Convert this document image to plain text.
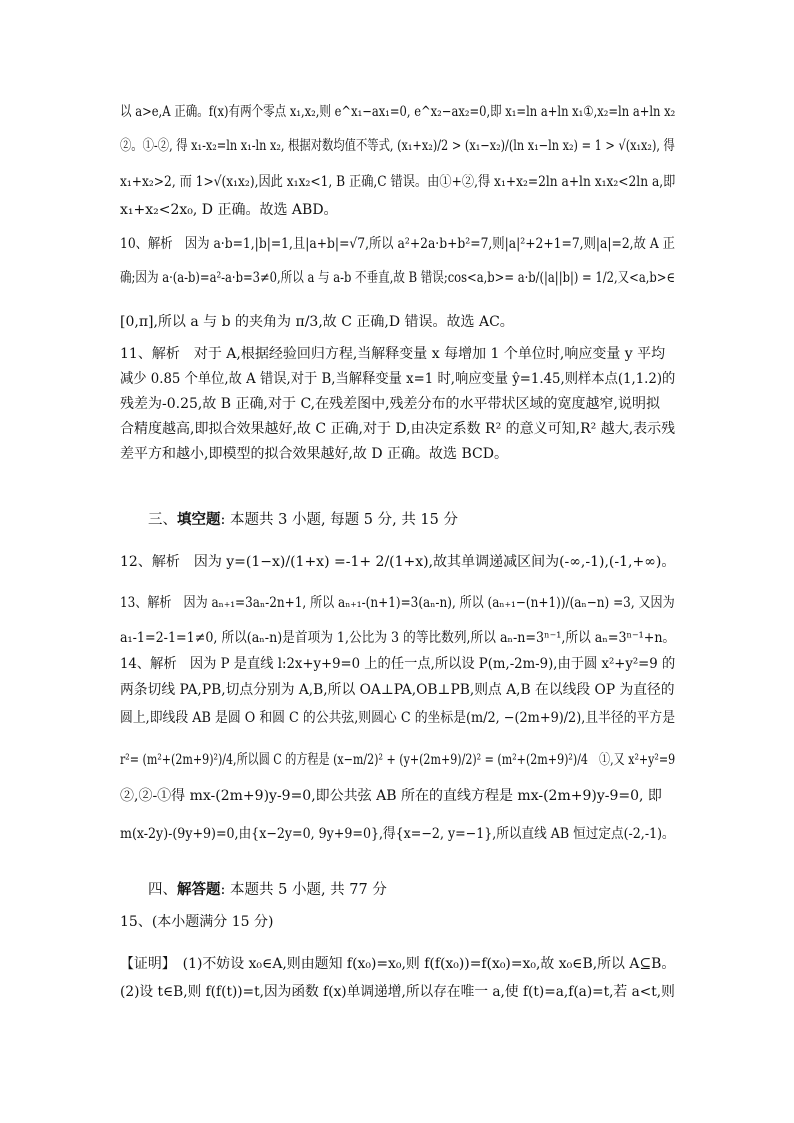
以 a>e,A 正确。f(x)有两个零点 x₁,x₂,则 e^x₁−ax₁=0, e^x₂−ax₂=0,即 x₁=ln a+ln x₁①,x₂=ln a+ln x₂
②。①-②, 得 x₁-x₂=ln x₁-ln x₂, 根据对数均值不等式, (x₁+x₂)/2 > (x₁−x₂)/(ln x₁−ln x₂) = 1 > √(x₁x₂), 得
x₁+x₂>2, 而 1>√(x₁x₂),因此 x₁x₂<1, B 正确,C 错误。由①+②,得 x₁+x₂=2ln a+ln x₁x₂<2ln a,即
x₁+x₂<2x₀, D 正确。故选 ABD。
10、解析　因为 a·b=1,|b|=1,且|a+b|=√7,所以 a²+2a·b+b²=7,则|a|²+2+1=7,则|a|=2,故 A 正
确;因为 a·(a-b)=a²-a·b=3≠0,所以 a 与 a-b 不垂直,故 B 错误;cos<a,b>= a·b/(|a||b|) = 1/2,又<a,b>∈
[0,π],所以 a 与 b 的夹角为 π/3,故 C 正确,D 错误。故选 AC。
11、解析　对于 A,根据经验回归方程,当解释变量 x 每增加 1 个单位时,响应变量 y 平均
减少 0.85 个单位,故 A 错误,对于 B,当解释变量 x=1 时,响应变量 ŷ=1.45,则样本点(1,1.2)的
残差为-0.25,故 B 正确,对于 C,在残差图中,残差分布的水平带状区域的宽度越窄,说明拟
合精度越高,即拟合效果越好,故 C 正确,对于 D,由决定系数 R² 的意义可知,R² 越大,表示残
差平方和越小,即模型的拟合效果越好,故 D 正确。故选 BCD。
三、填空题: 本题共 3 小题, 每题 5 分, 共 15 分
12、解析　因为 y=(1−x)/(1+x) =-1+ 2/(1+x),故其单调递减区间为(-∞,-1),(-1,+∞)。
13、解析　因为 aₙ₊₁=3aₙ-2n+1, 所以 aₙ₊₁-(n+1)=3(aₙ-n), 所以 (aₙ₊₁−(n+1))/(aₙ−n) =3, 又因为
a₁-1=2-1=1≠0, 所以(aₙ-n)是首项为 1,公比为 3 的等比数列,所以 aₙ-n=3ⁿ⁻¹,所以 aₙ=3ⁿ⁻¹+n。
14、解析　因为 P 是直线 l:2x+y+9=0 上的任一点,所以设 P(m,-2m-9),由于圆 x²+y²=9 的
两条切线 PA,PB,切点分别为 A,B,所以 OA⊥PA,OB⊥PB,则点 A,B 在以线段 OP 为直径的
圆上,即线段 AB 是圆 O 和圆 C 的公共弦,则圆心 C 的坐标是(m/2, −(2m+9)/2),且半径的平方是
r²= (m²+(2m+9)²)/4,所以圆 C 的方程是 (x−m/2)² + (y+(2m+9)/2)² = (m²+(2m+9)²)/4　①,又 x²+y²=9
②,②-①得 mx-(2m+9)y-9=0,即公共弦 AB 所在的直线方程是 mx-(2m+9)y-9=0, 即
m(x-2y)-(9y+9)=0,由{x−2y=0, 9y+9=0},得{x=−2, y=−1},所以直线 AB 恒过定点(-2,-1)。
四、解答题: 本题共 5 小题, 共 77 分
15、(本小题满分 15 分)
【证明】　(1)不妨设 x₀∈A,则由题知 f(x₀)=x₀,则 f(f(x₀))=f(x₀)=x₀,故 x₀∈B,所以 A⊆B。
(2)设 t∈B,则 f(f(t))=t,因为函数 f(x)单调递增,所以存在唯一 a,使 f(t)=a,f(a)=t,若 a<t,则
